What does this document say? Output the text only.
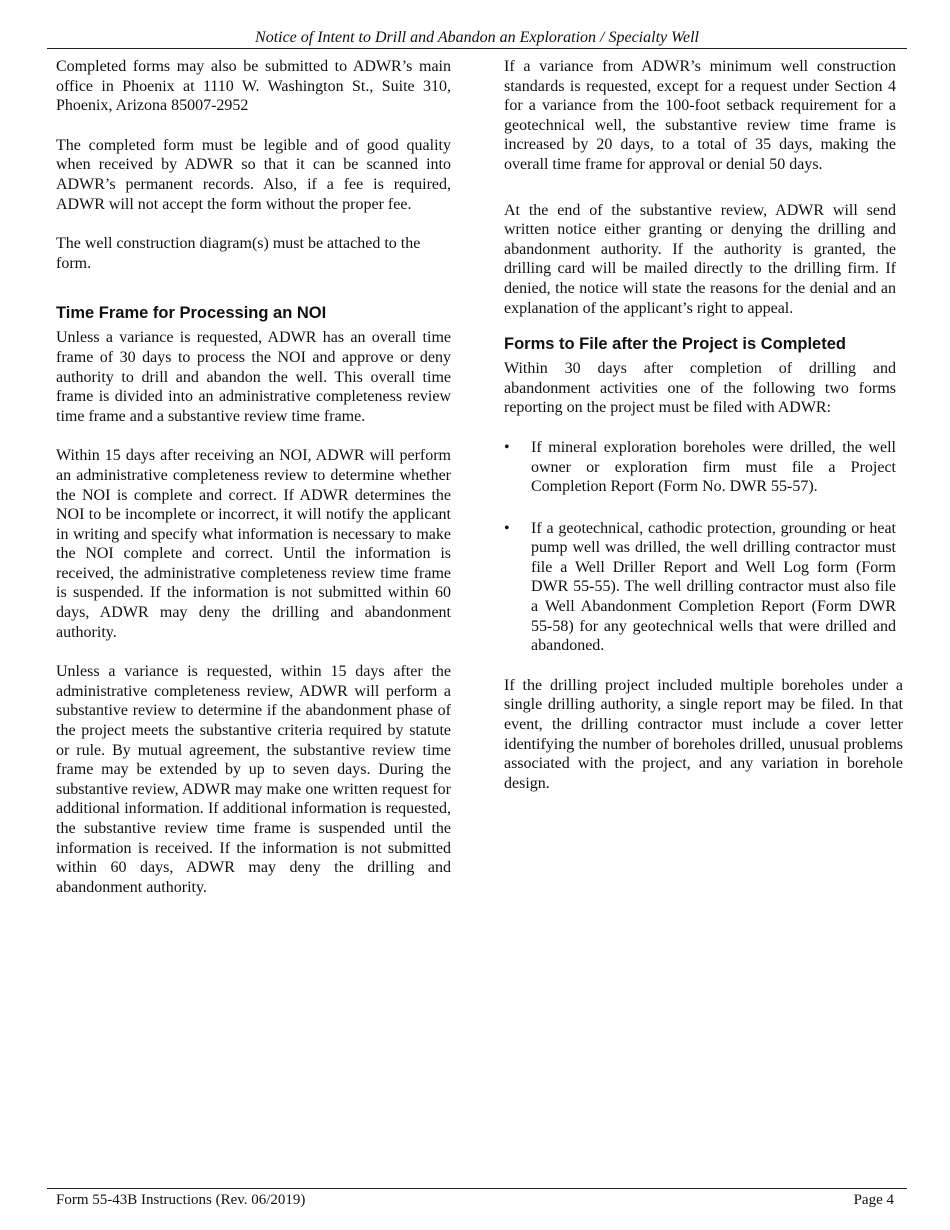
Notice of Intent to Drill and Abandon an Exploration / Specialty Well

Completed forms may also be submitted to ADWR’s main office in Phoenix at 1110 W. Washington St., Suite 310, Phoenix, Arizona 85007-2952

The completed form must be legible and of good quality when received by ADWR so that it can be scanned into ADWR’s permanent records. Also, if a fee is required, ADWR will not accept the form without the proper fee.

The well construction diagram(s) must be attached to the form.

Time Frame for Processing an NOI

Unless a variance is requested, ADWR has an overall time frame of 30 days to process the NOI and approve or deny authority to drill and abandon the well. This overall time frame is divided into an administrative completeness review time frame and a substantive review time frame.

Within 15 days after receiving an NOI, ADWR will perform an administrative completeness review to determine whether the NOI is complete and correct. If ADWR determines the NOI to be incomplete or incorrect, it will notify the applicant in writing and specify what information is necessary to make the NOI complete and correct. Until the information is received, the administrative completeness review time frame is suspended. If the information is not submitted within 60 days, ADWR may deny the drilling and abandonment authority.

Unless a variance is requested, within 15 days after the administrative completeness review, ADWR will perform a substantive review to determine if the abandonment phase of the project meets the substantive criteria required by statute or rule. By mutual agreement, the substantive review time frame may be extended by up to seven days. During the substantive review, ADWR may make one written request for additional information. If additional information is requested, the substantive review time frame is suspended until the information is received. If the information is not submitted within 60 days, ADWR may deny the drilling and abandonment authority.

If a variance from ADWR’s minimum well construction standards is requested, except for a request under Section 4 for a variance from the 100-foot setback requirement for a geotechnical well, the substantive review time frame is increased by 20 days, to a total of 35 days, making the overall time frame for approval or denial 50 days.

At the end of the substantive review, ADWR will send written notice either granting or denying the drilling and abandonment authority. If the authority is granted, the drilling card will be mailed directly to the drilling firm. If denied, the notice will state the reasons for the denial and an explanation of the applicant’s right to appeal.

Forms to File after the Project is Completed

Within 30 days after completion of drilling and abandonment activities one of the following two forms reporting on the project must be filed with ADWR:

• If mineral exploration boreholes were drilled, the well owner or exploration firm must file a Project Completion Report (Form No. DWR 55-57).
• If a geotechnical, cathodic protection, grounding or heat pump well was drilled, the well drilling contractor must file a Well Driller Report and Well Log form (Form DWR 55-55). The well drilling contractor must also file a Well Abandonment Completion Report (Form DWR 55-58) for any geotechnical wells that were drilled and abandoned.

If the drilling project included multiple boreholes under a single drilling authority, a single report may be filed. In that event, the drilling contractor must include a cover letter identifying the number of boreholes drilled, unusual problems associated with the project, and any variation in borehole design.

Form 55-43B Instructions (Rev. 06/2019)	Page 4
